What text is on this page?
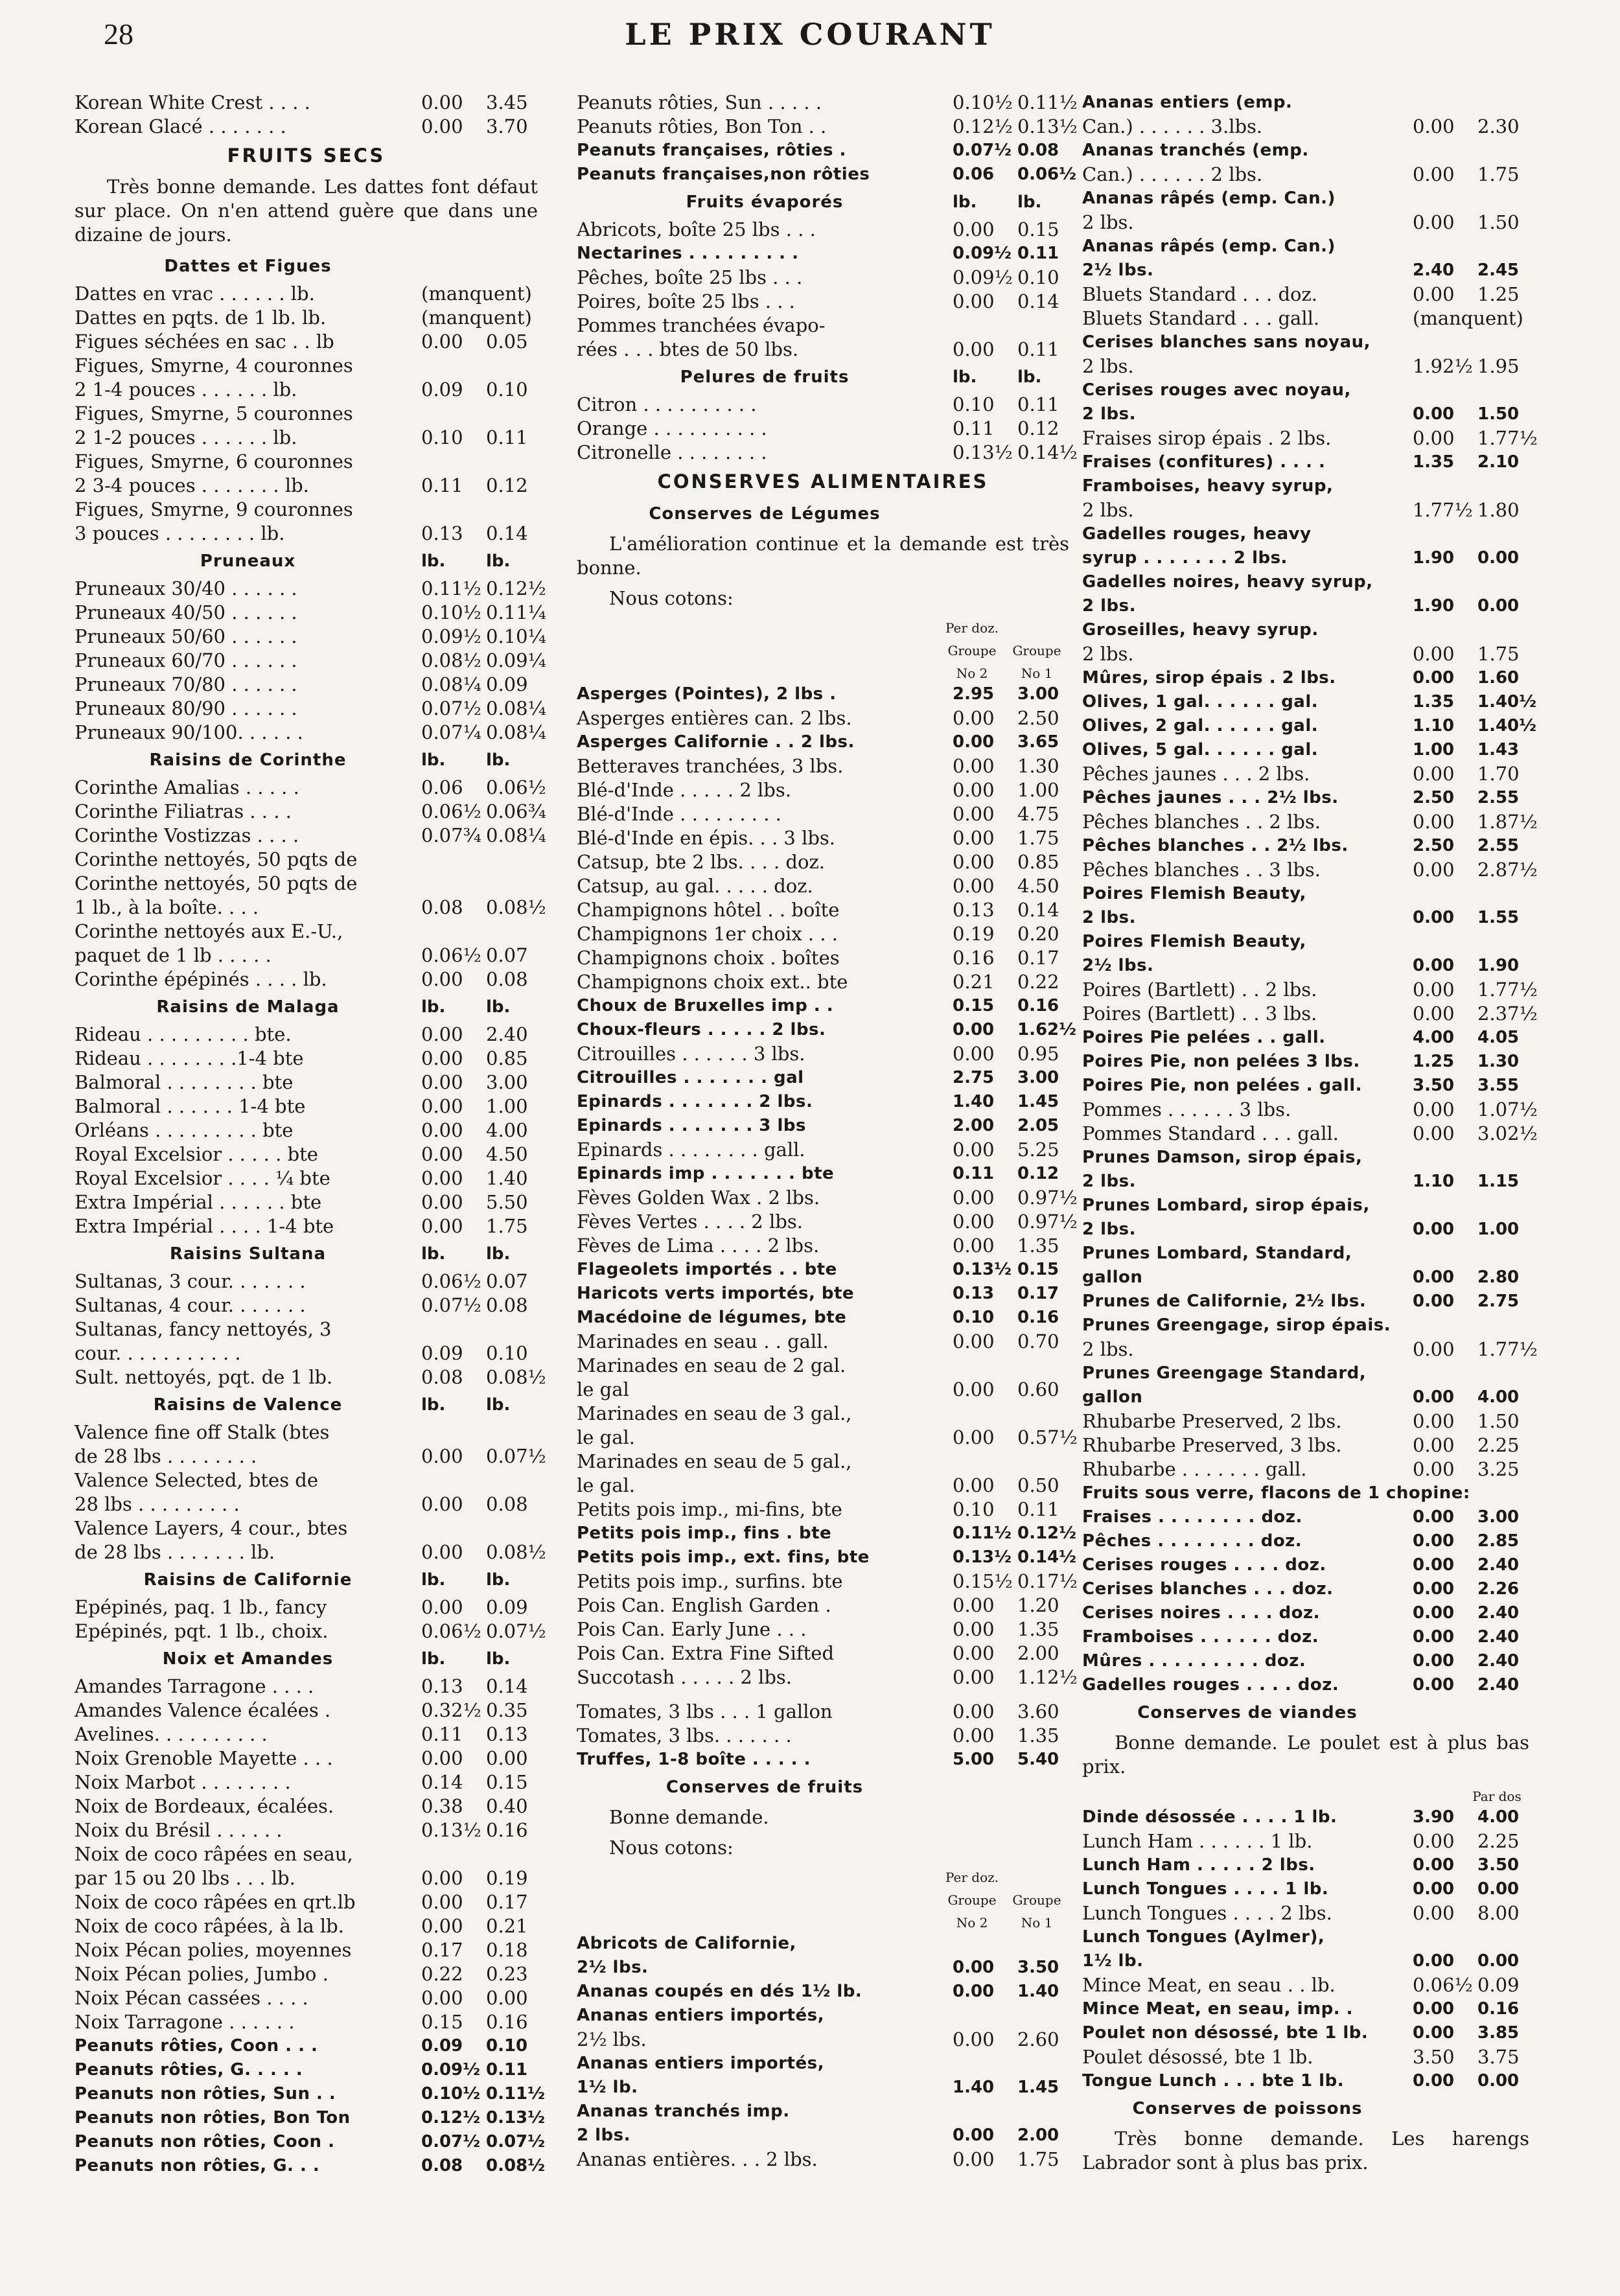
28	LE PRIX COURANT
Korean White Crest . . . .	0.00	3.45
Korean Glacé . . . . . . .	0.00	3.70
FRUITS SECS
Très bonne demande. Les dattes font défaut sur place. On n'en attend guère que dans une dizaine de jours.
Dattes et Figues
Dattes en vrac . . . . . . lb.	(manquent)
Dattes en pqts. de 1 lb. lb.	(manquent)
Figues séchées en sac . . lb	0.00	0.05
Figues, Smyrne, 4 couronnes
2 1-4 pouces . . . . . . lb.	0.09	0.10
Figues, Smyrne, 5 couronnes
2 1-2 pouces . . . . . . lb.	0.10	0.11
Figues, Smyrne, 6 couronnes
2 3-4 pouces . . . . . . . lb.	0.11	0.12
Figues, Smyrne, 9 couronnes
3 pouces . . . . . . . . lb.	0.13	0.14
Pruneaux	lb.	lb.
Pruneaux 30/40 . . . . . .	0.11½ 0.12½
Pruneaux 40/50 . . . . . .	0.10½ 0.11¼
Pruneaux 50/60 . . . . . .	0.09½ 0.10¼
Pruneaux 60/70 . . . . . .	0.08½ 0.09¼
Pruneaux 70/80 . . . . . .	0.08¼ 0.09
Pruneaux 80/90 . . . . . .	0.07½ 0.08¼
Pruneaux 90/100. . . . . .	0.07¼ 0.08¼
Raisins de Corinthe	lb.	lb.
Corinthe Amalias . . . . .	0.06	0.06½
Corinthe Filiatras . . . .	0.06½ 0.06¾
Corinthe Vostizzas . . . .	0.07¾ 0.08¼
Corinthe nettoyés, 50 pqts de
Corinthe nettoyés, 50 pqts de
1 lb., à la boîte. . . .	0.08	0.08½
Corinthe nettoyés aux E.-U.,
paquet de 1 lb . . . . .	0.06½ 0.07
Corinthe épépinés . . . . lb.	0.00	0.08
Raisins de Malaga	lb.	lb.
Rideau . . . . . . . . . bte.	0.00	2.40
Rideau . . . . . . . .1-4 bte	0.00	0.85
Balmoral . . . . . . . . bte	0.00	3.00
Balmoral . . . . . . 1-4 bte	0.00	1.00
Orléans . . . . . . . . . bte	0.00	4.00
Royal Excelsior . . . . . bte	0.00	4.50
Royal Excelsior . . . . ¼ bte	0.00	1.40
Extra Impérial . . . . . . bte	0.00	5.50
Extra Impérial . . . . 1-4 bte	0.00	1.75
Raisins Sultana	lb.	lb.
Sultanas, 3 cour. . . . . . .	0.06½ 0.07
Sultanas, 4 cour. . . . . . .	0.07½ 0.08
Sultanas, fancy nettoyés, 3
cour. . . . . . . . . . .	0.09	0.10
Sult. nettoyés, pqt. de 1 lb.	0.08	0.08½
Raisins de Valence	lb.	lb.
Valence fine off Stalk (btes
de 28 lbs . . . . . . . .	0.00	0.07½
Valence Selected, btes de
28 lbs . . . . . . . . .	0.00	0.08
Valence Layers, 4 cour., btes
de 28 lbs . . . . . . . lb.	0.00	0.08½
Raisins de Californie	lb.	lb.
Epépinés, paq. 1 lb., fancy	0.00	0.09
Epépinés, pqt. 1 lb., choix.	0.06½ 0.07½
Noix et Amandes	lb.	lb.
Amandes Tarragone . . . .	0.13	0.14
Amandes Valence écalées .	0.32½ 0.35
Avelines. . . . . . . . . .	0.11	0.13
Noix Grenoble Mayette . . .	0.00	0.00
Noix Marbot . . . . . . . .	0.14	0.15
Noix de Bordeaux, écalées.	0.38	0.40
Noix du Brésil . . . . . .	0.13½ 0.16
Noix de coco râpées en seau,
par 15 ou 20 lbs . . . lb.	0.00	0.19
Noix de coco râpées en qrt.lb	0.00	0.17
Noix de coco râpées, à la lb.	0.00	0.21
Noix Pécan polies, moyennes	0.17	0.18
Noix Pécan polies, Jumbo .	0.22	0.23
Noix Pécan cassées . . . .	0.00	0.00
Noix Tarragone . . . . . .	0.15	0.16
Peanuts rôties, Coon . . .	0.09	0.10
Peanuts rôties, G. . . . .	0.09½ 0.11
Peanuts non rôties, Sun . .	0.10½ 0.11½
Peanuts non rôties, Bon Ton	0.12½ 0.13½
Peanuts non rôties, Coon .	0.07½ 0.07½
Peanuts non rôties, G. . .	0.08	0.08½
Peanuts rôties, Sun . . . . .	0.10½ 0.11½
Peanuts rôties, Bon Ton . .	0.12½ 0.13½
Peanuts françaises, rôties .	0.07½ 0.08
Peanuts françaises,non rôties	0.06	0.06½
Fruits évaporés	lb.	lb.
Abricots, boîte 25 lbs . . .	0.00	0.15
Nectarines . . . . . . . . .	0.09½ 0.11
Pêches, boîte 25 lbs . . .	0.09½ 0.10
Poires, boîte 25 lbs . . .	0.00	0.14
Pommes tranchées évapo-
rées . . . btes de 50 lbs.	0.00	0.11
Pelures de fruits	lb.	lb.
Citron . . . . . . . . . .	0.10	0.11
Orange . . . . . . . . . .	0.11	0.12
Citronelle . . . . . . . .	0.13½ 0.14½
CONSERVES ALIMENTAIRES
Conserves de Légumes
L'amélioration continue et la demande est très bonne.
Nous cotons:
Per doz.
Groupe	Groupe
No 2	No 1
Asperges (Pointes), 2 lbs .	2.95	3.00
Asperges entières can. 2 lbs.	0.00	2.50
Asperges Californie . . 2 lbs.	0.00	3.65
Betteraves tranchées, 3 lbs.	0.00	1.30
Blé-d'Inde . . . . . 2 lbs.	0.00	1.00
Blé-d'Inde . . . . . . . . .	0.00	4.75
Blé-d'Inde en épis. . . 3 lbs.	0.00	1.75
Catsup, bte 2 lbs. . . . doz.	0.00	0.85
Catsup, au gal. . . . . doz.	0.00	4.50
Champignons hôtel . . boîte	0.13	0.14
Champignons 1er choix . . .	0.19	0.20
Champignons choix . boîtes	0.16	0.17
Champignons choix ext.. bte	0.21	0.22
Choux de Bruxelles imp . .	0.15	0.16
Choux-fleurs . . . . . 2 lbs.	0.00	1.62½
Citrouilles . . . . . . 3 lbs.	0.00	0.95
Citrouilles . . . . . . . gal	2.75	3.00
Epinards . . . . . . . 2 lbs.	1.40	1.45
Epinards . . . . . . . 3 lbs	2.00	2.05
Epinards . . . . . . . . gall.	0.00	5.25
Epinards imp . . . . . . . bte	0.11	0.12
Fèves Golden Wax . 2 lbs.	0.00	0.97½
Fèves Vertes . . . . 2 lbs.	0.00	0.97½
Fèves de Lima . . . . 2 lbs.	0.00	1.35
Flageolets importés . . bte	0.13½ 0.15
Haricots verts importés, bte	0.13	0.17
Macédoine de légumes, bte	0.10	0.16
Marinades en seau . . gall.	0.00	0.70
Marinades en seau de 2 gal.
le gal	0.00	0.60
Marinades en seau de 3 gal.,
le gal.	0.00	0.57½
Marinades en seau de 5 gal.,
le gal.	0.00	0.50
Petits pois imp., mi-fins, bte	0.10	0.11
Petits pois imp., fins . bte	0.11½ 0.12½
Petits pois imp., ext. fins, bte	0.13½ 0.14½
Petits pois imp., surfins. bte	0.15½ 0.17½
Pois Can. English Garden .	0.00	1.20
Pois Can. Early June . . .	0.00	1.35
Pois Can. Extra Fine Sifted	0.00	2.00
Succotash . . . . . 2 lbs.	0.00	1.12½
Tomates, 3 lbs . . . 1 gallon	0.00	3.60
Tomates, 3 lbs. . . . . . .	0.00	1.35
Truffes, 1-8 boîte . . . . .	5.00	5.40
Conserves de fruits
Bonne demande.
Nous cotons:
Per doz.
Groupe	Groupe
No 2	No 1
Abricots de Californie,
2½ lbs.	0.00	3.50
Ananas coupés en dés 1½ lb.	0.00	1.40
Ananas entiers importés,
2½ lbs.	0.00	2.60
Ananas entiers importés,
1½ lb.	1.40	1.45
Ananas tranchés imp.
2 lbs.	0.00	2.00
Ananas entières. . . 2 lbs.	0.00	1.75
Ananas entiers (emp.
Can.) . . . . . . 3.lbs.	0.00	2.30
Ananas tranchés (emp.
Can.) . . . . . . 2 lbs.	0.00	1.75
Ananas râpés (emp. Can.)
2 lbs.	0.00	1.50
Ananas râpés (emp. Can.)
2½ lbs.	2.40	2.45
Bluets Standard . . . doz.	0.00	1.25
Bluets Standard . . . gall.	(manquent)
Cerises blanches sans noyau,
2 lbs.	1.92½ 1.95
Cerises rouges avec noyau,
2 lbs.	0.00	1.50
Fraises sirop épais . 2 lbs.	0.00	1.77½
Fraises (confitures) . . . .	1.35	2.10
Framboises, heavy syrup,
2 lbs.	1.77½ 1.80
Gadelles rouges, heavy
syrup . . . . . . . 2 lbs.	1.90	0.00
Gadelles noires, heavy syrup,
2 lbs.	1.90	0.00
Groseilles, heavy syrup.
2 lbs.	0.00	1.75
Mûres, sirop épais . 2 lbs.	0.00	1.60
Olives, 1 gal. . . . . . gal.	1.35	1.40½
Olives, 2 gal. . . . . . gal.	1.10	1.40½
Olives, 5 gal. . . . . . gal.	1.00	1.43
Pêches jaunes . . . 2 lbs.	0.00	1.70
Pêches jaunes . . . 2½ lbs.	2.50	2.55
Pêches blanches . . 2 lbs.	0.00	1.87½
Pêches blanches . . 2½ lbs.	2.50	2.55
Pêches blanches . . 3 lbs.	0.00	2.87½
Poires Flemish Beauty,
2 lbs.	0.00	1.55
Poires Flemish Beauty,
2½ lbs.	0.00	1.90
Poires (Bartlett) . . 2 lbs.	0.00	1.77½
Poires (Bartlett) . . 3 lbs.	0.00	2.37½
Poires Pie pelées . . gall.	4.00	4.05
Poires Pie, non pelées 3 lbs.	1.25	1.30
Poires Pie, non pelées . gall.	3.50	3.55
Pommes . . . . . . 3 lbs.	0.00	1.07½
Pommes Standard . . . gall.	0.00	3.02½
Prunes Damson, sirop épais,
2 lbs.	1.10	1.15
Prunes Lombard, sirop épais,
2 lbs.	0.00	1.00
Prunes Lombard, Standard,
gallon	0.00	2.80
Prunes de Californie, 2½ lbs.	0.00	2.75
Prunes Greengage, sirop épais.
2 lbs.	0.00	1.77½
Prunes Greengage Standard,
gallon	0.00	4.00
Rhubarbe Preserved, 2 lbs.	0.00	1.50
Rhubarbe Preserved, 3 lbs.	0.00	2.25
Rhubarbe . . . . . . . gall.	0.00	3.25
Fruits sous verre, flacons de 1 chopine:
Fraises . . . . . . . . doz.	0.00	3.00
Pêches . . . . . . . . doz.	0.00	2.85
Cerises rouges . . . . doz.	0.00	2.40
Cerises blanches . . . doz.	0.00	2.26
Cerises noires . . . . doz.	0.00	2.40
Framboises . . . . . . doz.	0.00	2.40
Mûres . . . . . . . . . doz.	0.00	2.40
Gadelles rouges . . . . doz.	0.00	2.40
Conserves de viandes
Bonne demande. Le poulet est à plus bas prix.
Par dos
Dinde désossée . . . . 1 lb.	3.90	4.00
Lunch Ham . . . . . . 1 lb.	0.00	2.25
Lunch Ham . . . . . 2 lbs.	0.00	3.50
Lunch Tongues . . . . 1 lb.	0.00	0.00
Lunch Tongues . . . . 2 lbs.	0.00	8.00
Lunch Tongues (Aylmer),
1½ lb.	0.00	0.00
Mince Meat, en seau . . lb.	0.06½ 0.09
Mince Meat, en seau, imp. .	0.00	0.16
Poulet non désossé, bte 1 lb.	0.00	3.85
Poulet désossé, bte 1 lb.	3.50	3.75
Tongue Lunch . . . bte 1 lb.	0.00	0.00
Conserves de poissons
Très bonne demande. Les harengs Labrador sont à plus bas prix.
